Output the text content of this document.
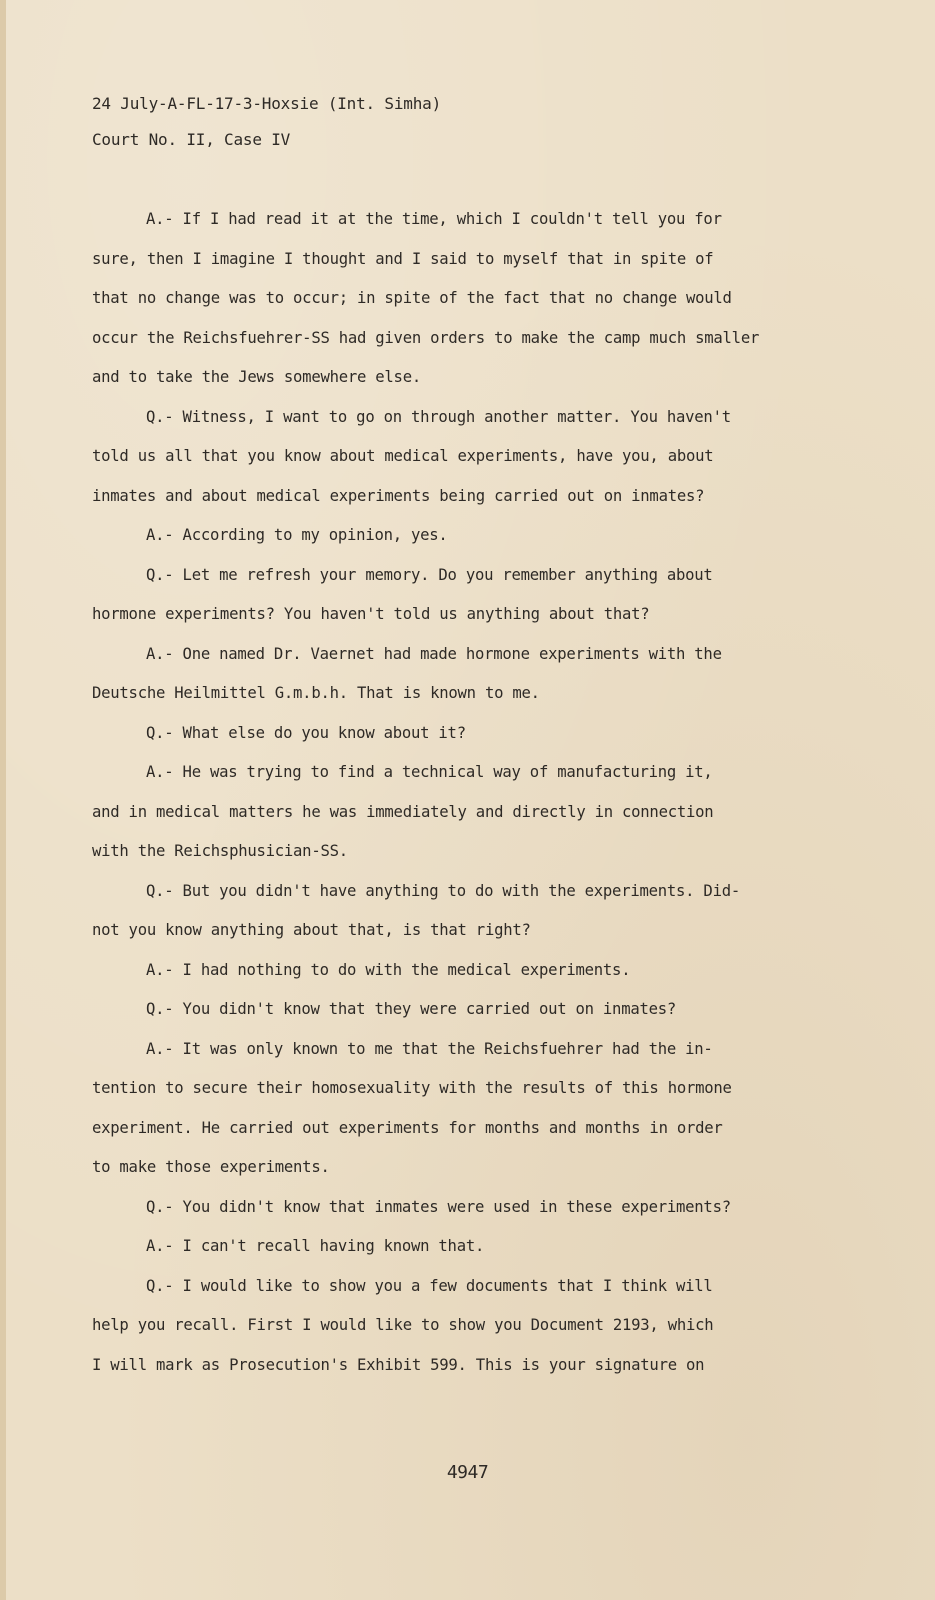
24 July-A-FL-17-3-Hoxsie (Int. Simha)
Court No. II, Case IV
A.- If I had read it at the time, which I couldn't tell you for
sure, then I imagine I thought and I said to myself that in spite of
that no change was to occur; in spite of the fact that no change would
occur the Reichsfuehrer-SS had given orders to make the camp much smaller
and to take the Jews somewhere else.
Q.- Witness, I want to go on through another matter. You haven't
told us all that you know about medical experiments, have you, about
inmates and about medical experiments being carried out on inmates?
A.- According to my opinion, yes.
Q.- Let me refresh your memory. Do you remember anything about
hormone experiments? You haven't told us anything about that?
A.- One named Dr. Vaernet had made hormone experiments with the
Deutsche Heilmittel G.m.b.h. That is known to me.
Q.- What else do you know about it?
A.- He was trying to find a technical way of manufacturing it,
and in medical matters he was immediately and directly in connection
with the Reichsphusician-SS.
Q.- But you didn't have anything to do with the experiments. Did-
not you know anything about that, is that right?
A.- I had nothing to do with the medical experiments.
Q.- You didn't know that they were carried out on inmates?
A.- It was only known to me that the Reichsfuehrer had the in-
tention to secure their homosexuality with the results of this hormone
experiment. He carried out experiments for months and months in order
to make those experiments.
Q.- You didn't know that inmates were used in these experiments?
A.- I can't recall having known that.
Q.- I would like to show you a few documents that I think will
help you recall. First I would like to show you Document 2193, which
I will mark as Prosecution's Exhibit 599. This is your signature on
4947
